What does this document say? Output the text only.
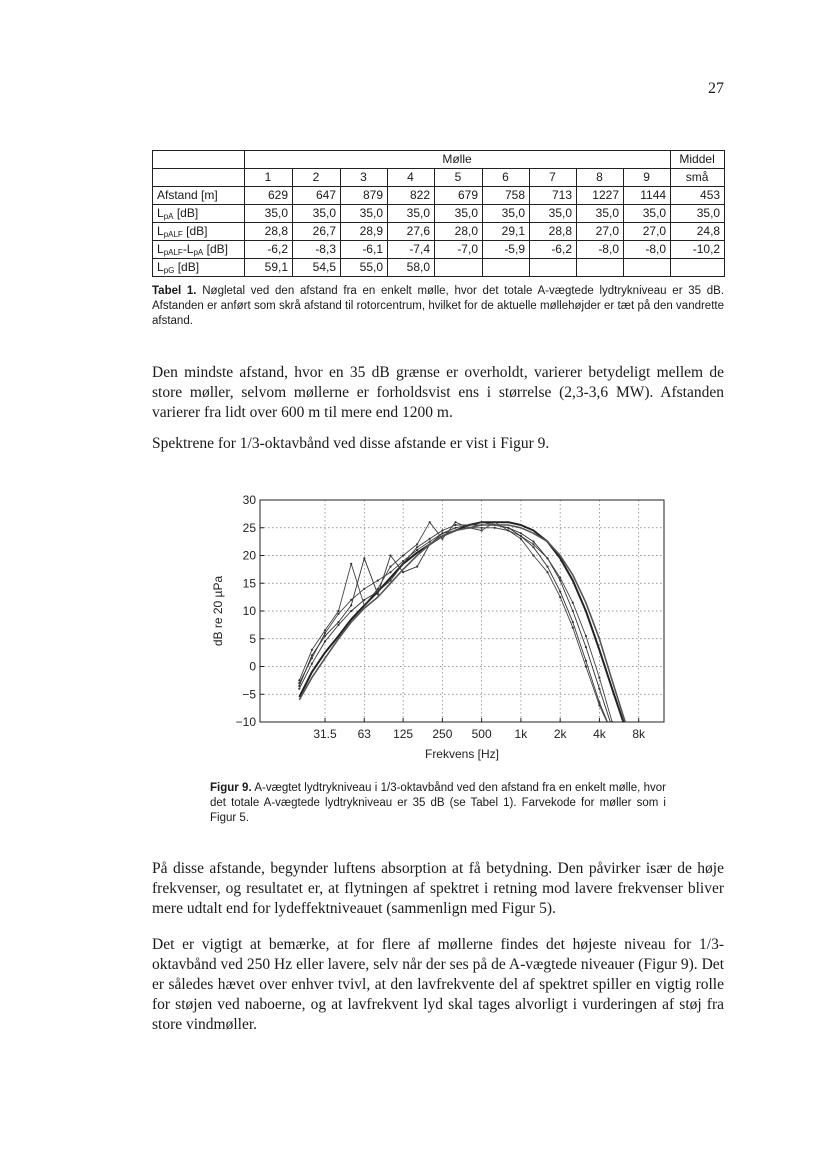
27
	Mølle									Middel
	1	2	3	4	5	6	7	8	9	små
Afstand [m]	629	647	879	822	679	758	713	1227	1144	453
$L_{pA}$ [dB]	35,0	35,0	35,0	35,0	35,0	35,0	35,0	35,0	35,0	35,0
$L_{pALF}$ [dB]	28,8	26,7	28,9	27,6	28,0	29,1	28,8	27,0	27,0	24,8
$L_{pALF}-L_{pA}$ [dB]	-6,2	-8,3	-6,1	-7,4	-7,0	-5,9	-6,2	-8,0	-8,0	-10,2
$L_{pG}$ [dB]	59,1	54,5	55,0	58,0						
Tabel 1. Nøgletal ved den afstand fra en enkelt mølle, hvor det totale A-vægtede lydtrykniveau er 35 dB. Afstanden er anført som skrå afstand til rotorcentrum, hvilket for de aktuelle møllehøjder er tæt på den vandrette afstand.

Den mindste afstand, hvor en 35 dB grænse er overholdt, varierer betydeligt mellem de store møller, selvom møllerne er forholdsvist ens i størrelse (2,3-3,6 MW). Afstanden varierer fra lidt over 600 m til mere end 1200 m.

Spektrene for 1/3-oktavbånd ved disse afstande er vist i Figur 9.

30
25
20
15
10
5
0
−5
−10
31.5 63 125 250 500 1k 2k 4k 8k
Frekvens [Hz]
dB re 20 µPa
Figur 9. A-vægtet lydtrykniveau i 1/3-oktavbånd ved den afstand fra en enkelt mølle, hvor det totale A-vægtede lydtrykniveau er 35 dB (se Tabel 1). Farvekode for møller som i Figur 5.

På disse afstande, begynder luftens absorption at få betydning. Den påvirker især de høje frekvenser, og resultatet er, at flytningen af spektret i retning mod lavere frekvenser bliver mere udtalt end for lydeffektniveauet (sammenlign med Figur 5).

Det er vigtigt at bemærke, at for flere af møllerne findes det højeste niveau for 1/3-oktavbånd ved 250 Hz eller lavere, selv når der ses på de A-vægtede niveauer (Figur 9). Det er således hævet over enhver tvivl, at den lavfrekvente del af spektret spiller en vigtig rolle for støjen ved naboerne, og at lavfrekvent lyd skal tages alvorligt i vurderingen af støj fra store vindmøller.
